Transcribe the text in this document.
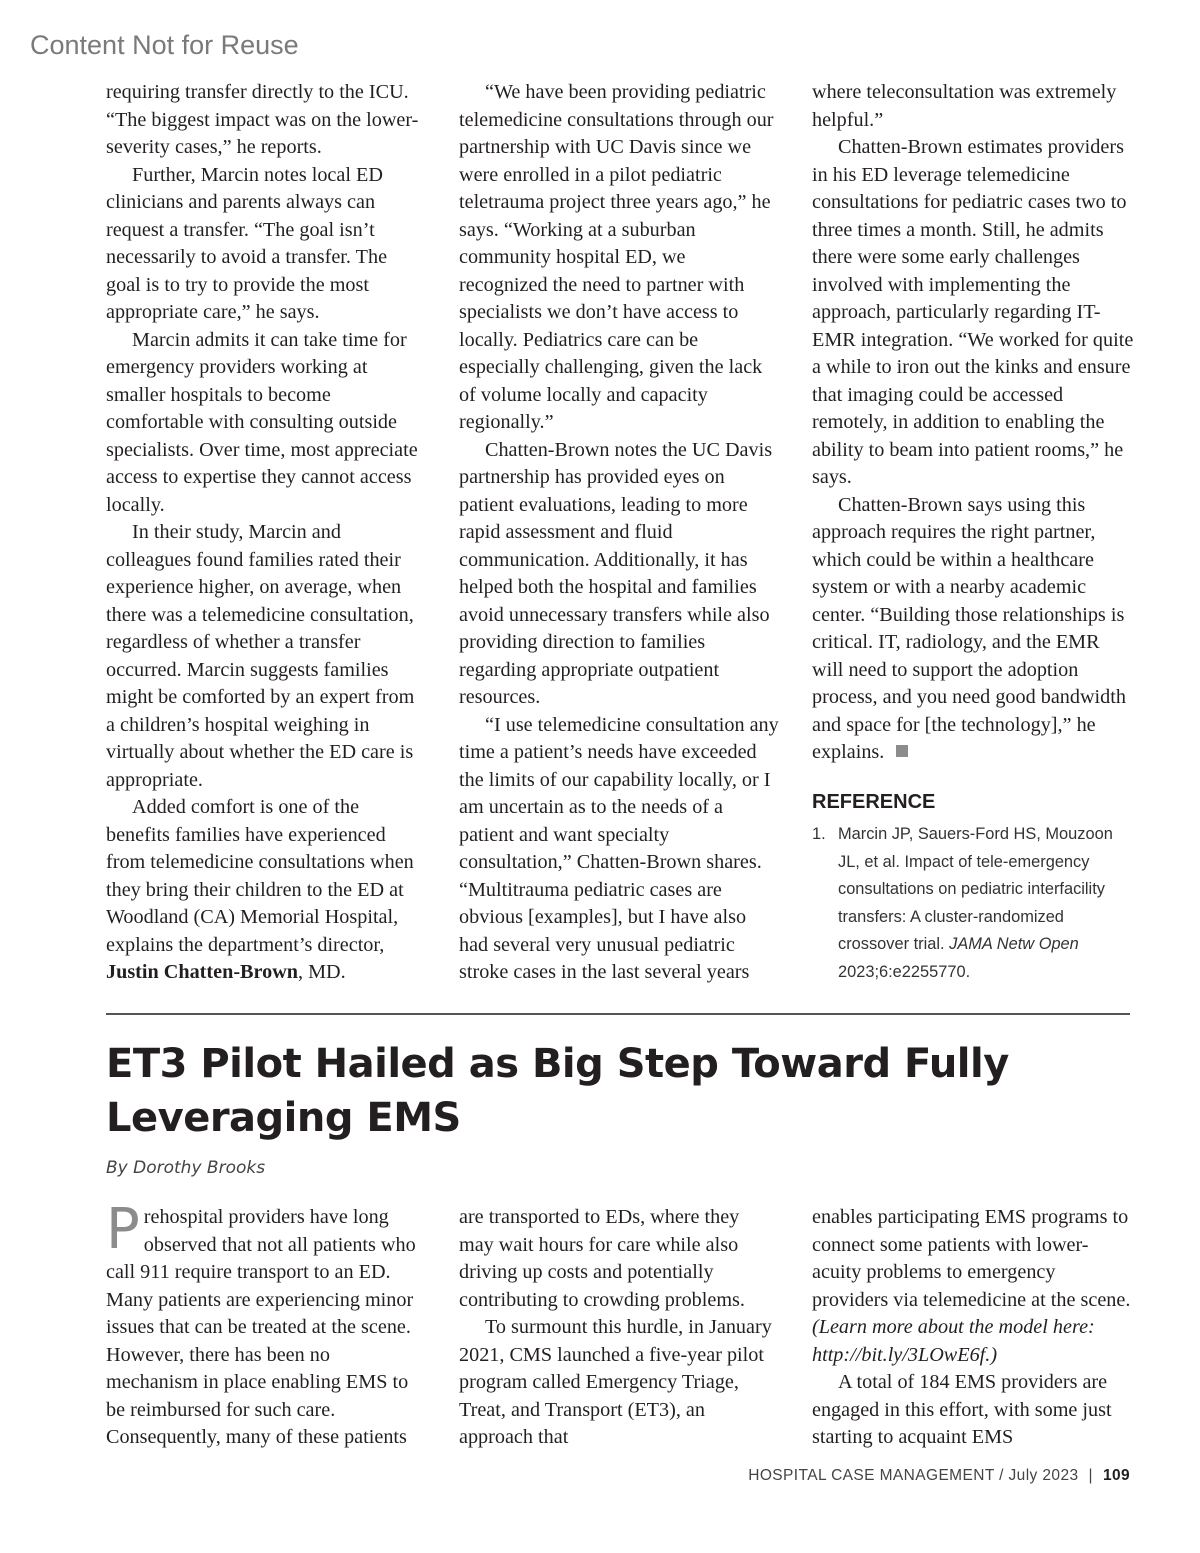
Content Not for Reuse

requiring transfer directly to the ICU. “The biggest impact was on the lower-severity cases,” he reports.

Further, Marcin notes local ED clinicians and parents always can request a transfer. “The goal isn’t necessarily to avoid a transfer. The goal is to try to provide the most appropriate care,” he says.

Marcin admits it can take time for emergency providers working at smaller hospitals to become comfortable with consulting outside specialists. Over time, most appreciate access to expertise they cannot access locally.

In their study, Marcin and colleagues found families rated their experience higher, on average, when there was a telemedicine consultation, regardless of whether a transfer occurred. Marcin suggests families might be comforted by an expert from a children’s hospital weighing in virtually about whether the ED care is appropriate.

Added comfort is one of the benefits families have experienced from telemedicine consultations when they bring their children to the ED at Woodland (CA) Memorial Hospital, explains the department’s director, Justin Chatten-Brown, MD.

“We have been providing pediatric telemedicine consultations through our partnership with UC Davis since we were enrolled in a pilot pediatric teletrauma project three years ago,” he says. “Working at a suburban community hospital ED, we recognized the need to partner with specialists we don’t have access to locally. Pediatrics care can be especially challenging, given the lack of volume locally and capacity regionally.”

Chatten-Brown notes the UC Davis partnership has provided eyes on patient evaluations, leading to more rapid assessment and fluid communication. Additionally, it has helped both the hospital and families avoid unnecessary transfers while also providing direction to families regarding appropriate outpatient resources.

“I use telemedicine consultation any time a patient’s needs have exceeded the limits of our capability locally, or I am uncertain as to the needs of a patient and want specialty consultation,” Chatten-Brown shares. “Multitrauma pediatric cases are obvious [examples], but I have also had several very unusual pediatric stroke cases in the last several years

where teleconsultation was extremely helpful.”

Chatten-Brown estimates providers in his ED leverage telemedicine consultations for pediatric cases two to three times a month. Still, he admits there were some early challenges involved with implementing the approach, particularly regarding IT-EMR integration. “We worked for quite a while to iron out the kinks and ensure that imaging could be accessed remotely, in addition to enabling the ability to beam into patient rooms,” he says.

Chatten-Brown says using this approach requires the right partner, which could be within a healthcare system or with a nearby academic center. “Building those relationships is critical. IT, radiology, and the EMR will need to support the adoption process, and you need good bandwidth and space for [the technology],” he explains.

REFERENCE
1. Marcin JP, Sauers-Ford HS, Mouzoon JL, et al. Impact of tele-emergency consultations on pediatric interfacility transfers: A cluster-randomized crossover trial. JAMA Netw Open 2023;6:e2255770.
ET3 Pilot Hailed as Big Step Toward Fully Leveraging EMS
By Dorothy Brooks

Prehospital providers have long observed that not all patients who call 911 require transport to an ED. Many patients are experiencing minor issues that can be treated at the scene. However, there has been no mechanism in place enabling EMS to be reimbursed for such care. Consequently, many of these patients

are transported to EDs, where they may wait hours for care while also driving up costs and potentially contributing to crowding problems.

To surmount this hurdle, in January 2021, CMS launched a five-year pilot program called Emergency Triage, Treat, and Transport (ET3), an approach that

enables participating EMS programs to connect some patients with lower-acuity problems to emergency providers via telemedicine at the scene. (Learn more about the model here: http://bit.ly/3LOwE6f.)

A total of 184 EMS providers are engaged in this effort, with some just starting to acquaint EMS

HOSPITAL CASE MANAGEMENT / July 2023 | 109
